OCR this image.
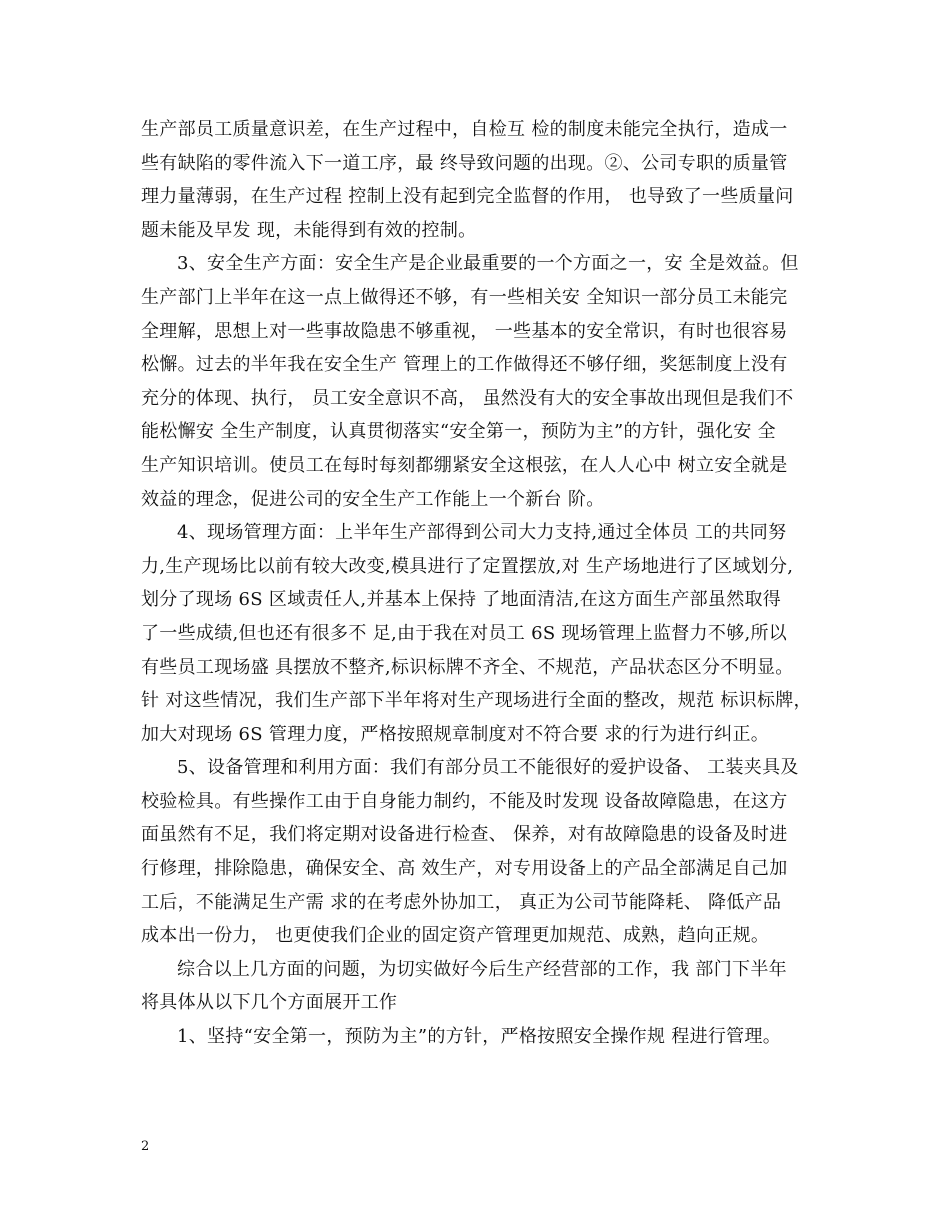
生产部员工质量意识差，在生产过程中，自检互 检的制度未能完全执行，造成一
些有缺陷的零件流入下一道工序，最 终导致问题的出现。②、公司专职的质量管
理力量薄弱，在生产过程 控制上没有起到完全监督的作用， 也导致了一些质量问
题未能及早发 现，未能得到有效的控制。

3、安全生产方面：安全生产是企业最重要的一个方面之一，安 全是效益。但
生产部门上半年在这一点上做得还不够，有一些相关安 全知识一部分员工未能完
全理解，思想上对一些事故隐患不够重视， 一些基本的安全常识，有时也很容易
松懈。过去的半年我在安全生产 管理上的工作做得还不够仔细，奖惩制度上没有
充分的体现、执行， 员工安全意识不高， 虽然没有大的安全事故出现但是我们不
能松懈安 全生产制度，认真贯彻落实“安全第一，预防为主”的方针，强化安 全
生产知识培训。使员工在每时每刻都绷紧安全这根弦，在人人心中 树立安全就是
效益的理念，促进公司的安全生产工作能上一个新台 阶。

4、现场管理方面：上半年生产部得到公司大力支持,通过全体员 工的共同努
力,生产现场比以前有较大改变,模具进行了定置摆放,对 生产场地进行了区域划分,
划分了现场 6S 区域责任人,并基本上保持 了地面清洁,在这方面生产部虽然取得
了一些成绩,但也还有很多不 足,由于我在对员工 6S 现场管理上监督力不够,所以
有些员工现场盛 具摆放不整齐,标识标牌不齐全、不规范，产品状态区分不明显。
针 对这些情况，我们生产部下半年将对生产现场进行全面的整改，规范 标识标牌，
加大对现场 6S 管理力度，严格按照规章制度对不符合要 求的行为进行纠正。

5、设备管理和利用方面：我们有部分员工不能很好的爱护设备、 工装夹具及
校验检具。有些操作工由于自身能力制约，不能及时发现 设备故障隐患，在这方
面虽然有不足，我们将定期对设备进行检查、 保养，对有故障隐患的设备及时进
行修理，排除隐患，确保安全、高 效生产，对专用设备上的产品全部满足自己加
工后，不能满足生产需 求的在考虑外协加工， 真正为公司节能降耗、 降低产品
成本出一份力， 也更使我们企业的固定资产管理更加规范、成熟，趋向正规。

综合以上几方面的问题，为切实做好今后生产经营部的工作，我 部门下半年
将具体从以下几个方面展开工作

1、坚持“安全第一，预防为主”的方针，严格按照安全操作规 程进行管理。

2
